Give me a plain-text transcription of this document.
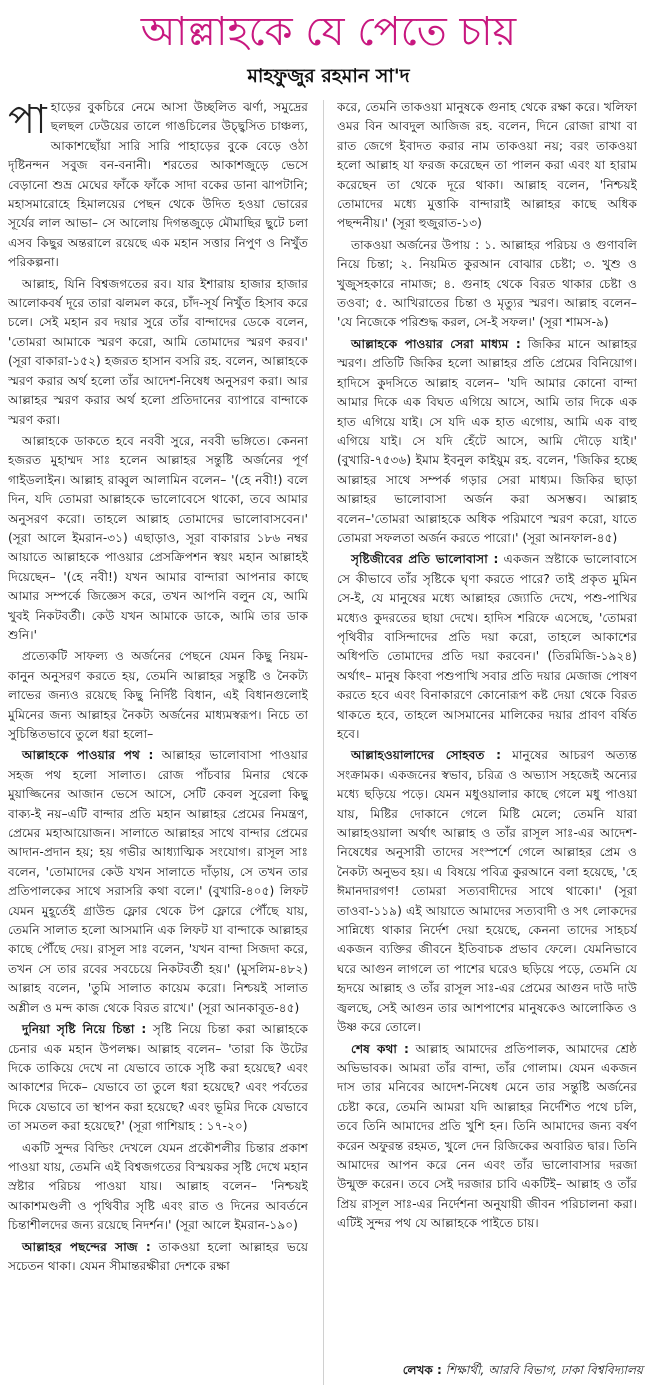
আল্লাহকে যে পেতে চায়
মাহফুজুর রহমান সা'দ

পাহাড়ের বুকচিরে নেমে আসা উচ্ছলিত ঝর্ণা, সমুদ্রের ছলছল ঢেউয়ের তালে গাঙচিলের উচ্ছ্বসিত চাঞ্চল্য, আকাশছোঁয়া সারি সারি পাহাড়ের বুকে বেড়ে ওঠা দৃষ্টিনন্দন সবুজ বন-বনানী। শরতের আকাশজুড়ে ভেসে বেড়ানো শুভ্র মেঘের ফাঁকে ফাঁকে সাদা বকের ডানা ঝাপটানি; মহাসমারোহে হিমালয়ের পেছন থেকে উদিত হওয়া ভোরের সূর্যের লাল আভা– সে আলোয় দিগন্তজুড়ে মৌমাছির ছুটে চলা এসব কিছুর অন্তরালে রয়েছে এক মহান সত্তার নিপুণ ও নিখুঁত পরিকল্পনা।

আল্লাহ, যিনি বিশ্বজগতের রব। যার ইশারায় হাজার হাজার আলোকবর্ষ দূরে তারা ঝলমল করে, চাঁদ-সূর্য নিখুঁত হিসাব করে চলে। সেই মহান রব দয়ার সুরে তাঁর বান্দাদের ডেকে বলেন, 'তোমরা আমাকে স্মরণ করো, আমি তোমাদের স্মরণ করব।' (সূরা বাকারা-১৫২) হজরত হাসান বসরি রহ. বলেন, আল্লাহকে স্মরণ করার অর্থ হলো তাঁর আদেশ-নিষেধ অনুসরণ করা। আর আল্লাহর স্মরণ করার অর্থ হলো প্রতিদানের ব্যাপারে বান্দাকে স্মরণ করা।

আল্লাহকে ডাকতে হবে নববী সুরে, নববী ভঙ্গিতে। কেননা হজরত মুহাম্মদ সাঃ হলেন আল্লাহর সন্তুষ্টি অর্জনের পূর্ণ গাইডলাইন। আল্লাহ রাব্বুল আলামিন বলেন– '(হে নবী!) বলে দিন, যদি তোমরা আল্লাহকে ভালোবেসে থাকো, তবে আমার অনুসরণ করো। তাহলে আল্লাহ তোমাদের ভালোবাসবেন।' (সূরা আলে ইমরান-৩১) এছাড়াও, সূরা বাকারার ১৮৬ নম্বর আয়াতে আল্লাহকে পাওয়ার প্রেসক্রিপশন স্বয়ং মহান আল্লাহই দিয়েছেন– '(হে নবী!) যখন আমার বান্দারা আপনার কাছে আমার সম্পর্কে জিজ্ঞেস করে, তখন আপনি বলুন যে, আমি খুবই নিকটবর্তী। কেউ যখন আমাকে ডাকে, আমি তার ডাক শুনি।'

প্রত্যেকটি সাফল্য ও অর্জনের পেছনে যেমন কিছু নিয়ম-কানুন অনুসরণ করতে হয়, তেমনি আল্লাহর সন্তুষ্টি ও নৈকট্য লাভের জন্যও রয়েছে কিছু নির্দিষ্ট বিধান, এই বিধানগুলোই মুমিনের জন্য আল্লাহর নৈকট্য অর্জনের মাধ্যমস্বরূপ। নিচে তা সুচিন্তিতভাবে তুলে ধরা হলো–

আল্লাহকে পাওয়ার পথ : আল্লাহর ভালোবাসা পাওয়ার সহজ পথ হলো সালাত। রোজ পাঁচবার মিনার থেকে মুয়াজ্জিনের আজান ভেসে আসে, সেটি কেবল সুরেলা কিছু বাক্য-ই নয়–এটি বান্দার প্রতি মহান আল্লাহর প্রেমের নিমন্ত্রণ, প্রেমের মহাআয়োজন। সালাতে আল্লাহর সাথে বান্দার প্রেমের আদান-প্রদান হয়; হয় গভীর আধ্যাত্মিক সংযোগ। রাসূল সাঃ বলেন, 'তোমাদের কেউ যখন সালাতে দাঁড়ায়, সে তখন তার প্রতিপালকের সাথে সরাসরি কথা বলে।' (বুখারি-৪০৫) লিফট যেমন মুহূর্তেই গ্রাউন্ড ফ্লোর থেকে টপ ফ্লোরে পৌঁছে যায়, তেমনি সালাত হলো আসমানি এক লিফট যা বান্দাকে আল্লাহর কাছে পৌঁছে দেয়। রাসূল সাঃ বলেন, 'যখন বান্দা সিজদা করে, তখন সে তার রবের সবচেয়ে নিকটবর্তী হয়।' (মুসলিম-৪৮২) আল্লাহ বলেন, 'তুমি সালাত কায়েম করো। নিশ্চয়ই সালাত অশ্লীল ও মন্দ কাজ থেকে বিরত রাখে।' (সূরা আনকাবূত-৪৫)

দুনিয়া সৃষ্টি নিয়ে চিন্তা : সৃষ্টি নিয়ে চিন্তা করা আল্লাহকে চেনার এক মহান উপলক্ষ। আল্লাহ বলেন– 'তারা কি উটের দিকে তাকিয়ে দেখে না যেভাবে তাকে সৃষ্টি করা হয়েছে? এবং আকাশের দিকে– যেভাবে তা তুলে ধরা হয়েছে? এবং পর্বতের দিকে যেভাবে তা স্থাপন করা হয়েছে? এবং ভূমির দিকে যেভাবে তা সমতল করা হয়েছে?' (সূরা গাশিয়াহ : ১৭-২০)

একটি সুন্দর বিল্ডিং দেখলে যেমন প্রকৌশলীর চিন্তার প্রকাশ পাওয়া যায়, তেমনি এই বিশ্বজগতের বিস্ময়কর সৃষ্টি দেখে মহান স্রষ্টার পরিচয় পাওয়া যায়। আল্লাহ বলেন– 'নিশ্চয়ই আকাশমণ্ডলী ও পৃথিবীর সৃষ্টি এবং রাত ও দিনের আবর্তনে চিন্তাশীলদের জন্য রয়েছে নিদর্শন।' (সূরা আলে ইমরান-১৯০)

আল্লাহর পছন্দের সাজ : তাকওয়া হলো আল্লাহর ভয়ে সচেতন থাকা। যেমন সীমান্তরক্ষীরা দেশকে রক্ষা

করে, তেমনি তাকওয়া মানুষকে গুনাহ থেকে রক্ষা করে। খলিফা ওমর বিন আবদুল আজিজ রহ. বলেন, দিনে রোজা রাখা বা রাত জেগে ইবাদত করার নাম তাকওয়া নয়; বরং তাকওয়া হলো আল্লাহ যা ফরজ করেছেন তা পালন করা এবং যা হারাম করেছেন তা থেকে দূরে থাকা। আল্লাহ বলেন, 'নিশ্চয়ই তোমাদের মধ্যে মুত্তাকি বান্দারাই আল্লাহর কাছে অধিক পছন্দনীয়।' (সূরা হুজুরাত-১৩)

তাকওয়া অর্জনের উপায় : ১. আল্লাহর পরিচয় ও গুণাবলি নিয়ে চিন্তা; ২. নিয়মিত কুরআন বোঝার চেষ্টা; ৩. খুশু ও খুজুসহকারে নামাজ; ৪. গুনাহ থেকে বিরত থাকার চেষ্টা ও তওবা; ৫. আখিরাতের চিন্তা ও মৃত্যুর স্মরণ। আল্লাহ বলেন– 'যে নিজেকে পরিশুদ্ধ করল, সে-ই সফল।' (সূরা শামস-৯)

আল্লাহকে পাওয়ার সেরা মাধ্যম : জিকির মানে আল্লাহর স্মরণ। প্রতিটি জিকির হলো আল্লাহর প্রতি প্রেমের বিনিয়োগ। হাদিসে কুদসিতে আল্লাহ বলেন– 'যদি আমার কোনো বান্দা আমার দিকে এক বিঘত এগিয়ে আসে, আমি তার দিকে এক হাত এগিয়ে যাই। সে যদি এক হাত এগোয়, আমি এক বাহু এগিয়ে যাই। সে যদি হেঁটে আসে, আমি দৌড়ে যাই।' (বুখারি-৭৫৩৬) ইমাম ইবনুল কাইয়ুম রহ. বলেন, 'জিকির হচ্ছে আল্লাহর সাথে সম্পর্ক গড়ার সেরা মাধ্যম। জিকির ছাড়া আল্লাহর ভালোবাসা অর্জন করা অসম্ভব। আল্লাহ বলেন–'তোমরা আল্লাহকে অধিক পরিমাণে স্মরণ করো, যাতে তোমরা সফলতা অর্জন করতে পারো।' (সূরা আনফাল-৪৫)

সৃষ্টিজীবের প্রতি ভালোবাসা : একজন স্রষ্টাকে ভালোবাসে সে কীভাবে তাঁর সৃষ্টিকে ঘৃণা করতে পারে? তাই প্রকৃত মুমিন সে-ই, যে মানুষের মধ্যে আল্লাহর জ্যোতি দেখে, পশু-পাখির মধ্যেও কুদরতের ছায়া দেখে। হাদিস শরিফে এসেছে, 'তোমরা পৃথিবীর বাসিন্দাদের প্রতি দয়া করো, তাহলে আকাশের অধিপতি তোমাদের প্রতি দয়া করবেন।' (তিরমিজি-১৯২৪) অর্থাৎ– মানুষ কিংবা পশুপাখি সবার প্রতি দয়ার মেজাজ পোষণ করতে হবে এবং বিনাকারণে কোনোরূপ কষ্ট দেয়া থেকে বিরত থাকতে হবে, তাহলে আসমানের মালিকের দয়ার প্রাবণ বর্ষিত হবে।

আল্লাহওয়ালাদের সোহবত : মানুষের আচরণ অত্যন্ত সংক্রামক। একজনের স্বভাব, চরিত্র ও অভ্যাস সহজেই অন্যের মধ্যে ছড়িয়ে পড়ে। যেমন মধুওয়ালার কাছে গেলে মধু পাওয়া যায়, মিষ্টির দোকানে গেলে মিষ্টি মেলে; তেমনি যারা আল্লাহওয়ালা অর্থাৎ আল্লাহ ও তাঁর রাসূল সাঃ-এর আদেশ-নিষেধের অনুসারী তাদের সংস্পর্শে গেলে আল্লাহর প্রেম ও নৈকট্য অনুভব হয়। এ বিষয়ে পবিত্র কুরআনে বলা হয়েছে, 'হে ঈমানদারগণ! তোমরা সত্যবাদীদের সাথে থাকো।' (সূরা তাওবা-১১৯) এই আয়াতে আমাদের সত্যবাদী ও সৎ লোকদের সান্নিধ্যে থাকার নির্দেশ দেয়া হয়েছে, কেননা তাদের সাহচর্য একজন ব্যক্তির জীবনে ইতিবাচক প্রভাব ফেলে। যেমনিভাবে ঘরে আগুন লাগলে তা পাশের ঘরেও ছড়িয়ে পড়ে, তেমনি যে হৃদয়ে আল্লাহ ও তাঁর রাসূল সাঃ-এর প্রেমের আগুন দাউ দাউ জ্বলছে, সেই আগুন তার আশপাশের মানুষকেও আলোকিত ও উষ্ণ করে তোলে।

শেষ কথা : আল্লাহ আমাদের প্রতিপালক, আমাদের শ্রেষ্ঠ অভিভাবক। আমরা তাঁর বান্দা, তাঁর গোলাম। যেমন একজন দাস তার মনিবের আদেশ-নিষেধ মেনে তার সন্তুষ্টি অর্জনের চেষ্টা করে, তেমনি আমরা যদি আল্লাহর নির্দেশিত পথে চলি, তবে তিনি আমাদের প্রতি খুশি হন। তিনি আমাদের জন্য বর্ষণ করেন অফুরন্ত রহমত, খুলে দেন রিজিকের অবারিত দ্বার। তিনি আমাদের আপন করে নেন এবং তাঁর ভালোবাসার দরজা উন্মুক্ত করেন। তবে সেই দরজার চাবি একটিই– আল্লাহ ও তাঁর প্রিয় রাসূল সাঃ-এর নির্দেশনা অনুযায়ী জীবন পরিচালনা করা। এটিই সুন্দর পথ যে আল্লাহকে পাইতে চায়।

লেখক : শিক্ষার্থী, আরবি বিভাগ, ঢাকা বিশ্ববিদ্যালয়
